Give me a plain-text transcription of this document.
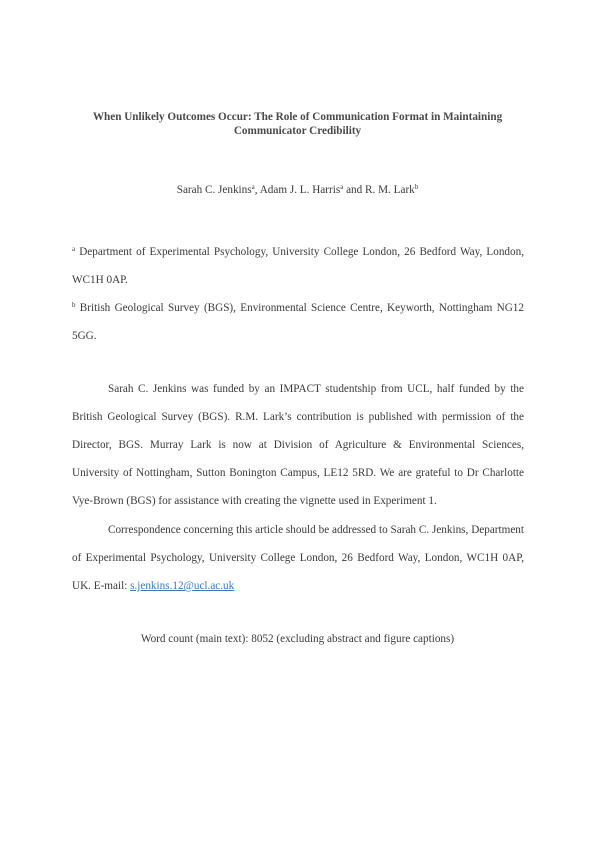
When Unlikely Outcomes Occur: The Role of Communication Format in Maintaining Communicator Credibility
Sarah C. Jenkins$^a$, Adam J. L. Harris$^a$ and R. M. Lark$^b$
$^a$ Department of Experimental Psychology, University College London, 26 Bedford Way, London, WC1H 0AP.
$^b$ British Geological Survey (BGS), Environmental Science Centre, Keyworth, Nottingham NG12 5GG.
Sarah C. Jenkins was funded by an IMPACT studentship from UCL, half funded by the British Geological Survey (BGS). R.M. Lark’s contribution is published with permission of the Director, BGS. Murray Lark is now at Division of Agriculture & Environmental Sciences, University of Nottingham, Sutton Bonington Campus, LE12 5RD. We are grateful to Dr Charlotte Vye-Brown (BGS) for assistance with creating the vignette used in Experiment 1.
Correspondence concerning this article should be addressed to Sarah C. Jenkins, Department of Experimental Psychology, University College London, 26 Bedford Way, London, WC1H 0AP, UK. E-mail: s.jenkins.12@ucl.ac.uk
Word count (main text): 8052 (excluding abstract and figure captions)
